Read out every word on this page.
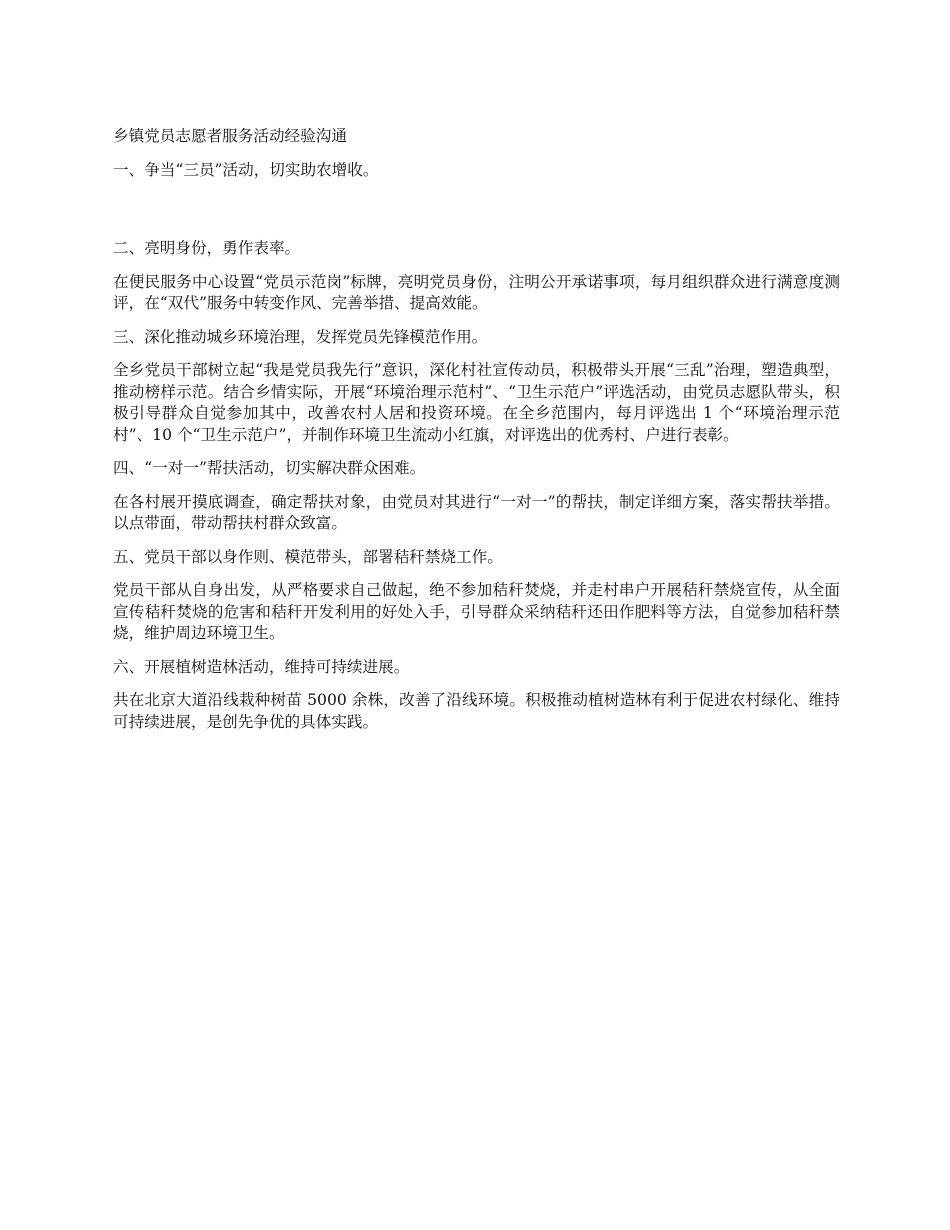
乡镇党员志愿者服务活动经验沟通

一、争当“三员”活动，切实助农增收。

二、亮明身份，勇作表率。

在便民服务中心设置“党员示范岗”标牌，亮明党员身份，注明公开承诺事项，每月组织群众进行满意度测评，在“双代”服务中转变作风、完善举措、提高效能。

三、深化推动城乡环境治理，发挥党员先锋模范作用。

全乡党员干部树立起“我是党员我先行”意识，深化村社宣传动员，积极带头开展“三乱”治理，塑造典型，推动榜样示范。结合乡情实际，开展“环境治理示范村”、“卫生示范户”评选活动，由党员志愿队带头，积极引导群众自觉参加其中，改善农村人居和投资环境。在全乡范围内，每月评选出 1 个“环境治理示范村”、10 个“卫生示范户”，并制作环境卫生流动小红旗，对评选出的优秀村、户进行表彰。

四、“一对一”帮扶活动，切实解决群众困难。

在各村展开摸底调查，确定帮扶对象，由党员对其进行“一对一”的帮扶，制定详细方案，落实帮扶举措。以点带面，带动帮扶村群众致富。

五、党员干部以身作则、模范带头，部署秸秆禁烧工作。

党员干部从自身出发，从严格要求自己做起，绝不参加秸秆焚烧，并走村串户开展秸秆禁烧宣传，从全面宣传秸秆焚烧的危害和秸秆开发利用的好处入手，引导群众采纳秸秆还田作肥料等方法，自觉参加秸秆禁烧，维护周边环境卫生。

六、开展植树造林活动，维持可持续进展。

共在北京大道沿线栽种树苗 5000 余株，改善了沿线环境。积极推动植树造林有利于促进农村绿化、维持可持续进展，是创先争优的具体实践。
